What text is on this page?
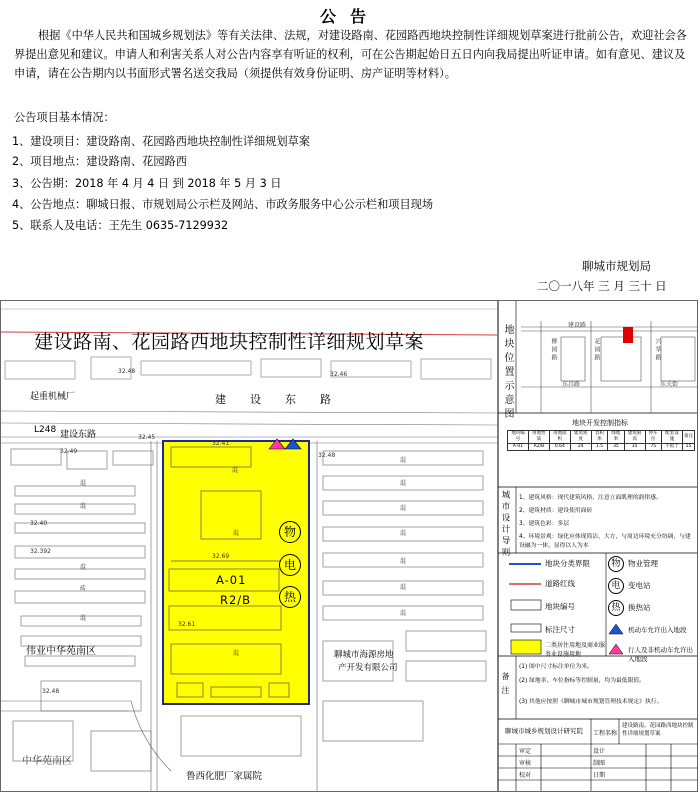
公告
根据《中华人民共和国城乡规划法》等有关法律、法规，对建设路南、花园路西地块控制性详细规划草案进行批前公告，欢迎社会各界提出意见和建议。申请人和利害关系人对公告内容享有听证的权利，可在公告期起始日五日内向我局提出听证申请。如有意见、建议及申请，请在公告期内以书面形式署名送交我局（须提供有效身份证明、房产证明等材料）。
公告项目基本情况：
1、建设项目：建设路南、花园路西地块控制性详细规划草案
2、项目地点：建设路南、花园路西
3、公告期：2018 年 4 月 4 日 到 2018 年 5 月 3 日
4、公告地点：聊城日报、市规划局公示栏及网站、市政务服务中心公示栏和项目现场
5、联系人及电话：王先生 0635-7129932
聊城市规划局
二〇一八年 三 月 三十 日
建设路南、花园路西地块控制性详细规划草案
建设东路
建设东路
起重机械厂
L248
32.48
32.45
32.49
32.48
32.41
32.46
32.40
32.392
32.69
32.61
32.48
混
混
混
混
混
混
混
砖
混
混
混
混
混
混
混
A-01
R2/B
物
电
热
伟业中华苑南区
中华苑南区
聊城市海源房地
产开发有限公司
鲁西化肥厂家属院
地块位置示意图	建设路
柳园路	花园路
东昌路
兴华路
东关街
地块开发控制指标
地块编号	用地性质	用地面积	建筑密度	容积率	绿地率	建筑限高	停车位	配套设施	备注
A-01	R2/B	0.64	24	1.5	35	35	75	不低于	15
城市设计导则 1、建筑风格：现代建筑风格，注意立面肌理的韵律感。
2、建筑材质：建设使用面砖
3、建筑色彩：多层
4、环境景观：绿化应体现简洁、大方，与周边环境充分协调，与建设融为一体，显得以人为本
地块分类界限
道路红线
地块编号
标注尺寸
二类居住用地及商业服务业设施用地
物	物业管理
电	变电站
热	换热站
机动车允许出入地段
行人及非机动车允许出入地段
备注
(1) 图中尺寸标注单位为米。
(2) 绿地率、车位指标等控制量，均为最低限值。
(3) 其他应按照《聊城市城市规划管理技术规定》执行。
聊城市城乡规划设计研究院 工程名称
建设路南、花园路西地块控制性详细规划草案
审定
审核
校对
设计
制图
日期
